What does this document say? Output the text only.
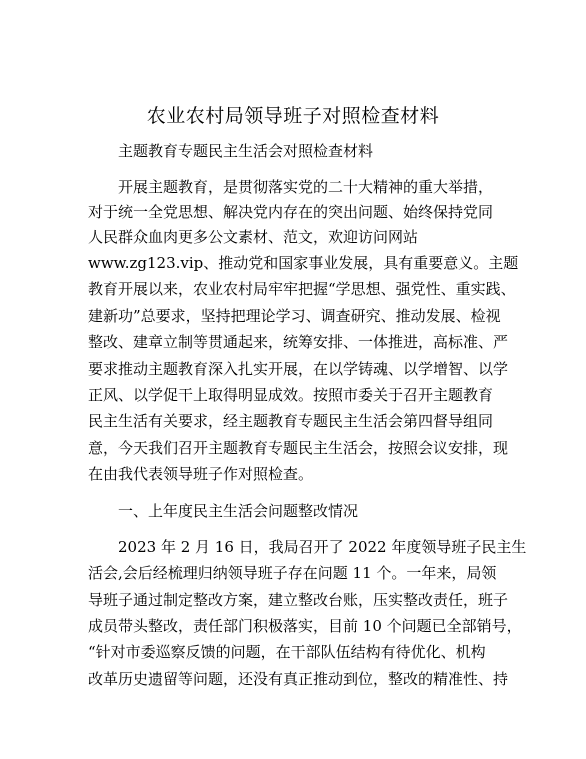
农业农村局领导班子对照检查材料
主题教育专题民主生活会对照检查材料
开展主题教育，是贯彻落实党的二十大精神的重大举措，
对于统一全党思想、解决党内存在的突出问题、始终保持党同
人民群众血肉更多公文素材、范文，欢迎访问网站
www.zg123.vip、推动党和国家事业发展，具有重要意义。主题
教育开展以来，农业农村局牢牢把握“学思想、强党性、重实践、
建新功”总要求，坚持把理论学习、调查研究、推动发展、检视
整改、建章立制等贯通起来，统筹安排、一体推进，高标准、严
要求推动主题教育深入扎实开展，在以学铸魂、以学增智、以学
正风、以学促干上取得明显成效。按照市委关于召开主题教育
民主生活有关要求，经主题教育专题民主生活会第四督导组同
意，今天我们召开主题教育专题民主生活会，按照会议安排，现
在由我代表领导班子作对照检查。
一、上年度民主生活会问题整改情况
2023 年 2 月 16 日，我局召开了 2022 年度领导班子民主生
活会,会后经梳理归纳领导班子存在问题 11 个。一年来，局领
导班子通过制定整改方案，建立整改台账，压实整改责任，班子
成员带头整改，责任部门积极落实，目前 10 个问题已全部销号，
“针对市委巡察反馈的问题，在干部队伍结构有待优化、机构
改革历史遗留等问题，还没有真正推动到位，整改的精准性、持
